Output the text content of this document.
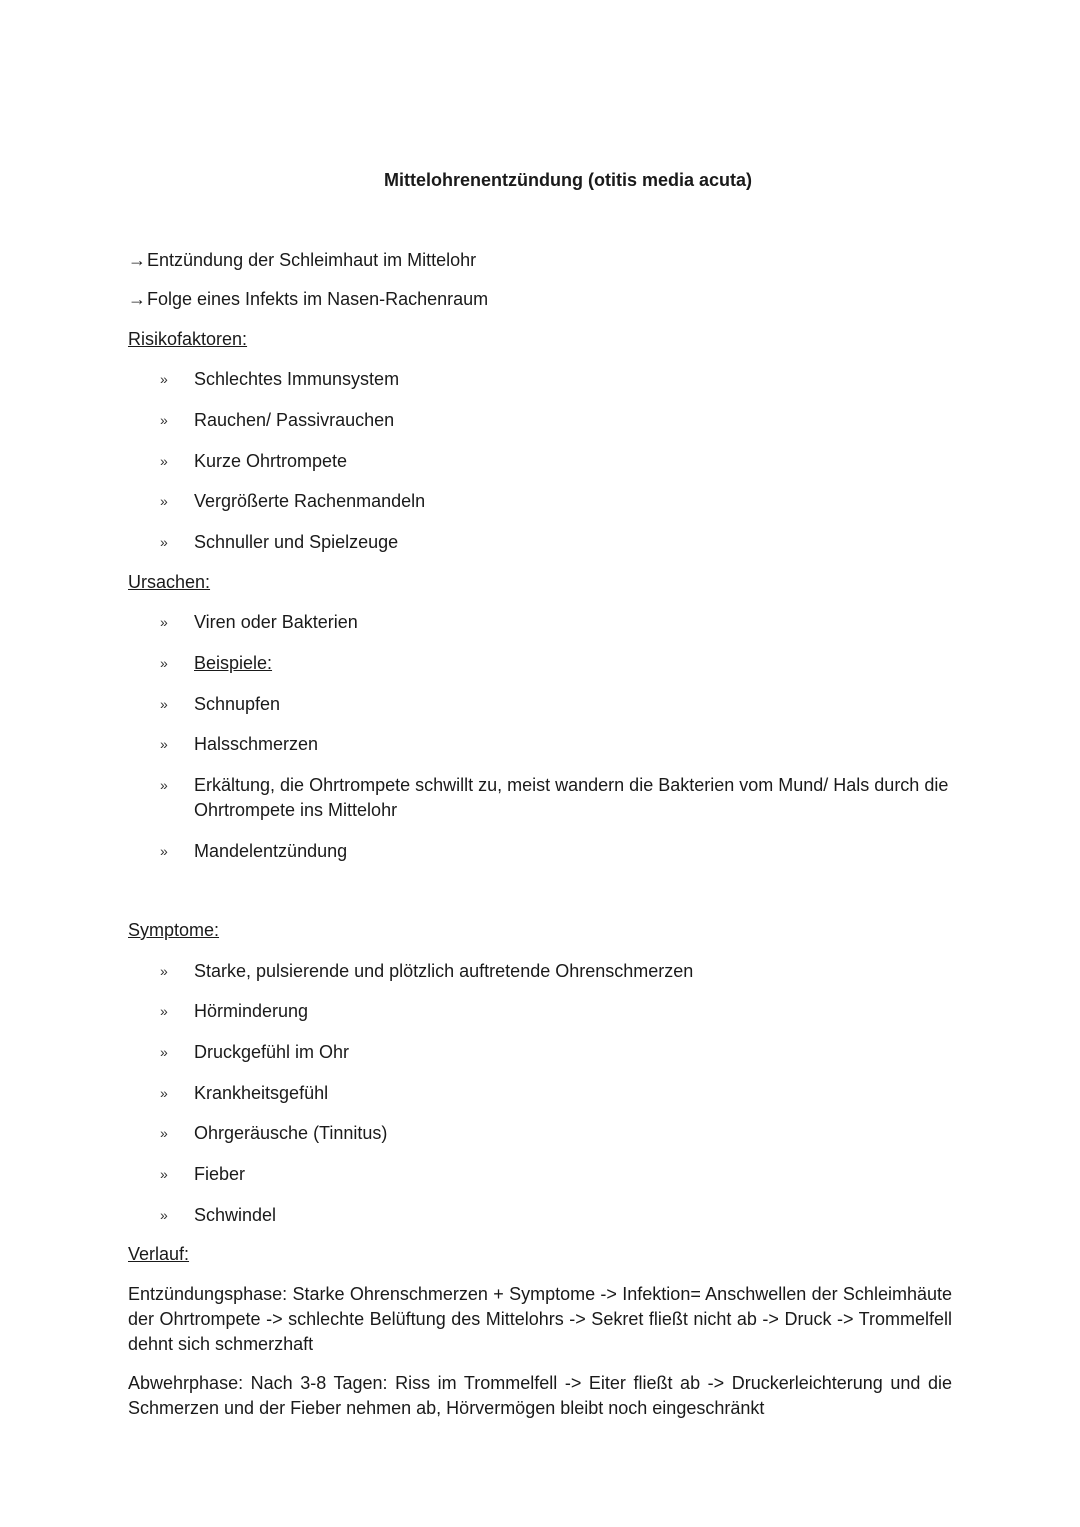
Mittelohrenentzündung (otitis media acuta)
→Entzündung der Schleimhaut im Mittelohr
→Folge eines Infekts im Nasen-Rachenraum
Risikofaktoren:
» Schlechtes Immunsystem
» Rauchen/ Passivrauchen
» Kurze Ohrtrompete
» Vergrößerte Rachenmandeln
» Schnuller und Spielzeuge
Ursachen:
» Viren oder Bakterien
» Beispiele:
» Schnupfen
» Halsschmerzen
» Erkältung, die Ohrtrompete schwillt zu, meist wandern die Bakterien vom Mund/ Hals durch die Ohrtrompete ins Mittelohr
» Mandelentzündung
Symptome:
» Starke, pulsierende und plötzlich auftretende Ohrenschmerzen
» Hörminderung
» Druckgefühl im Ohr
» Krankheitsgefühl
» Ohrgeräusche (Tinnitus)
» Fieber
» Schwindel
Verlauf:
Entzündungsphase: Starke Ohrenschmerzen + Symptome -> Infektion= Anschwellen der Schleimhäute der Ohrtrompete -> schlechte Belüftung des Mittelohrs -> Sekret fließt nicht ab -> Druck -> Trommelfell dehnt sich schmerzhaft
Abwehrphase: Nach 3-8 Tagen: Riss im Trommelfell -> Eiter fließt ab -> Druckerleichterung und die Schmerzen und der Fieber nehmen ab, Hörvermögen bleibt noch eingeschränkt
